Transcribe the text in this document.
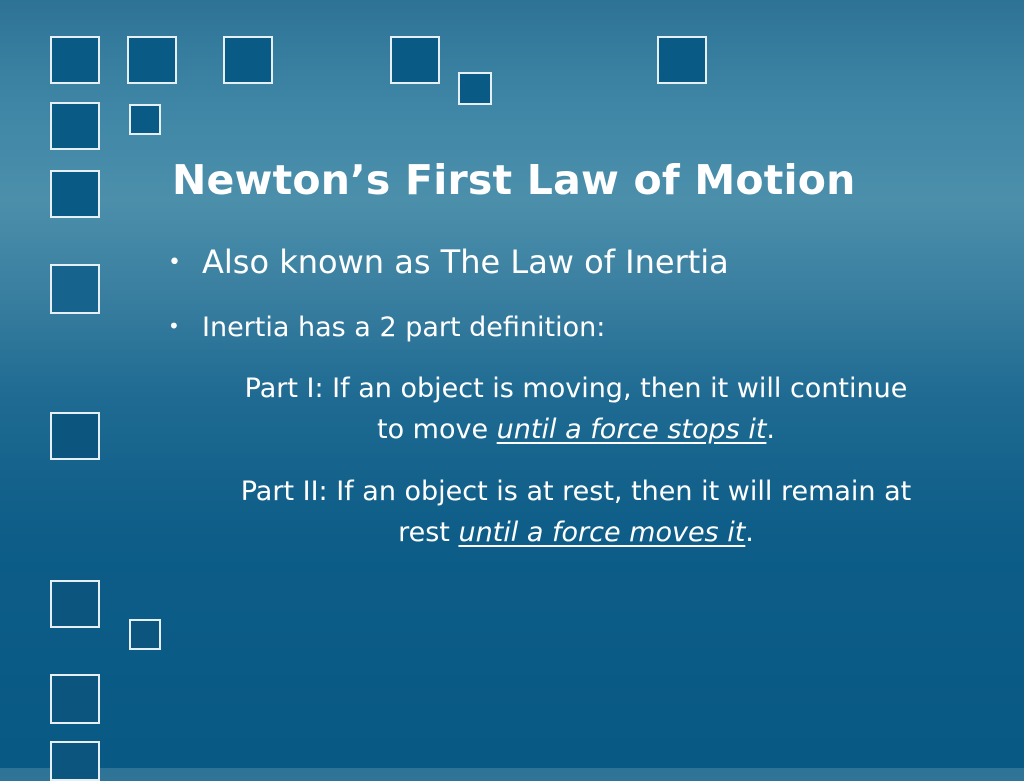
Newton’s First Law of Motion
• Also known as The Law of Inertia
• Inertia has a 2 part definition:
Part I: If an object is moving, then it will continue to move until a force stops it.
Part II: If an object is at rest, then it will remain at rest until a force moves it.
